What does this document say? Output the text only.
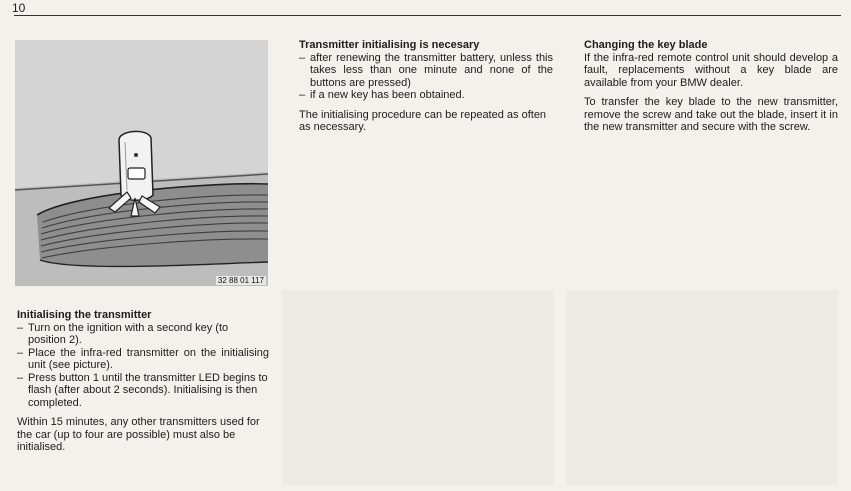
10
32 88 01 117
Initialising the transmitter
– Turn on the ignition with a second key (to position 2).
– Place the infra-red transmitter on the initialising unit (see picture).
– Press button 1 until the transmitter LED begins to flash (after about 2 seconds). Initialising is then completed.

Within 15 minutes, any other transmitters used for the car (up to four are possible) must also be initialised.

Transmitter initialising is necesary
– after renewing the transmitter battery, unless this takes less than one minute and none of the buttons are pressed)
– if a new key has been obtained.

The initialising procedure can be repeated as often as necessary.

Changing the key blade

If the infra-red remote control unit should develop a fault, replacements without a key blade are available from your BMW dealer.

To transfer the key blade to the new transmitter, remove the screw and take out the blade, insert it in the new transmitter and secure with the screw.
